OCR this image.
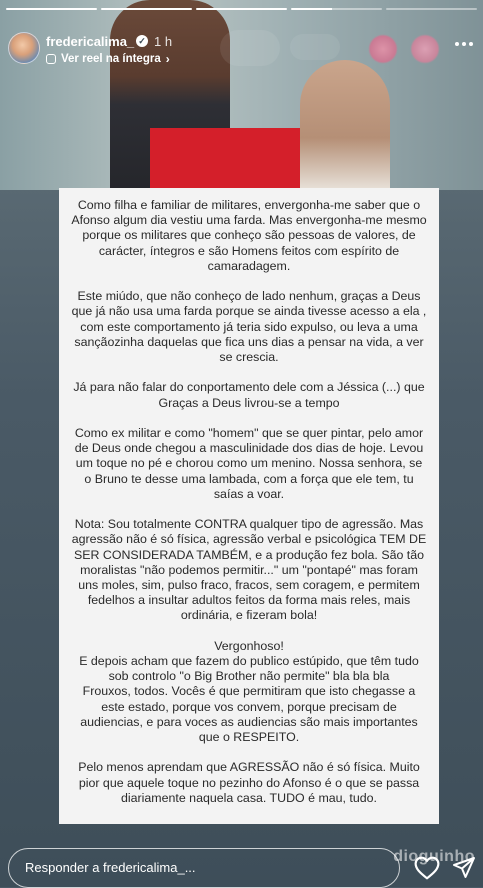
fredericalima_ ✓ 1 h
Ver reel na íntegra ›

Como filha e familiar de militares, envergonha-me saber que o Afonso algum dia vestiu uma farda. Mas envergonha-me mesmo porque os militares que conheço são pessoas de valores, de carácter, íntegros e são Homens feitos com espírito de camaradagem.

Este miúdo, que não conheço de lado nenhum, graças a Deus que já não usa uma farda porque se ainda tivesse acesso a ela , com este comportamento já teria sido expulso, ou leva a uma sançãozinha daquelas que fica uns dias a pensar na vida, a ver se crescia.

Já para não falar do conportamento dele com a Jéssica (...) que Graças a Deus livrou-se a tempo

Como ex militar e como "homem" que se quer pintar, pelo amor de Deus onde chegou a masculinidade dos dias de hoje. Levou um toque no pé e chorou como um menino. Nossa senhora, se o Bruno te desse uma lambada, com a força que ele tem, tu saías a voar.

Nota: Sou totalmente CONTRA qualquer tipo de agressão. Mas agressão não é só física, agressão verbal e psicológica TEM DE SER CONSIDERADA TAMBÉM, e a produção fez bola. São tão moralistas "não podemos permitir..." um "pontapé" mas foram uns moles, sim, pulso fraco, fracos, sem coragem, e permitem fedelhos a insultar adultos feitos da forma mais reles, mais ordinária, e fizeram bola!

Vergonhoso!
E depois acham que fazem do publico estúpido, que têm tudo sob controlo "o Big Brother não permite" bla bla bla
Frouxos, todos. Vocês é que permitiram que isto chegasse a este estado, porque vos convem, porque precisam de audiencias, e para voces as audiencias são mais importantes que o RESPEITO.

Pelo menos aprendam que AGRESSÃO não é só física. Muito pior que aquele toque no pezinho do Afonso é o que se passa diariamente naquela casa. TUDO é mau, tudo.

dioguinho
Responder a fredericalima_...
